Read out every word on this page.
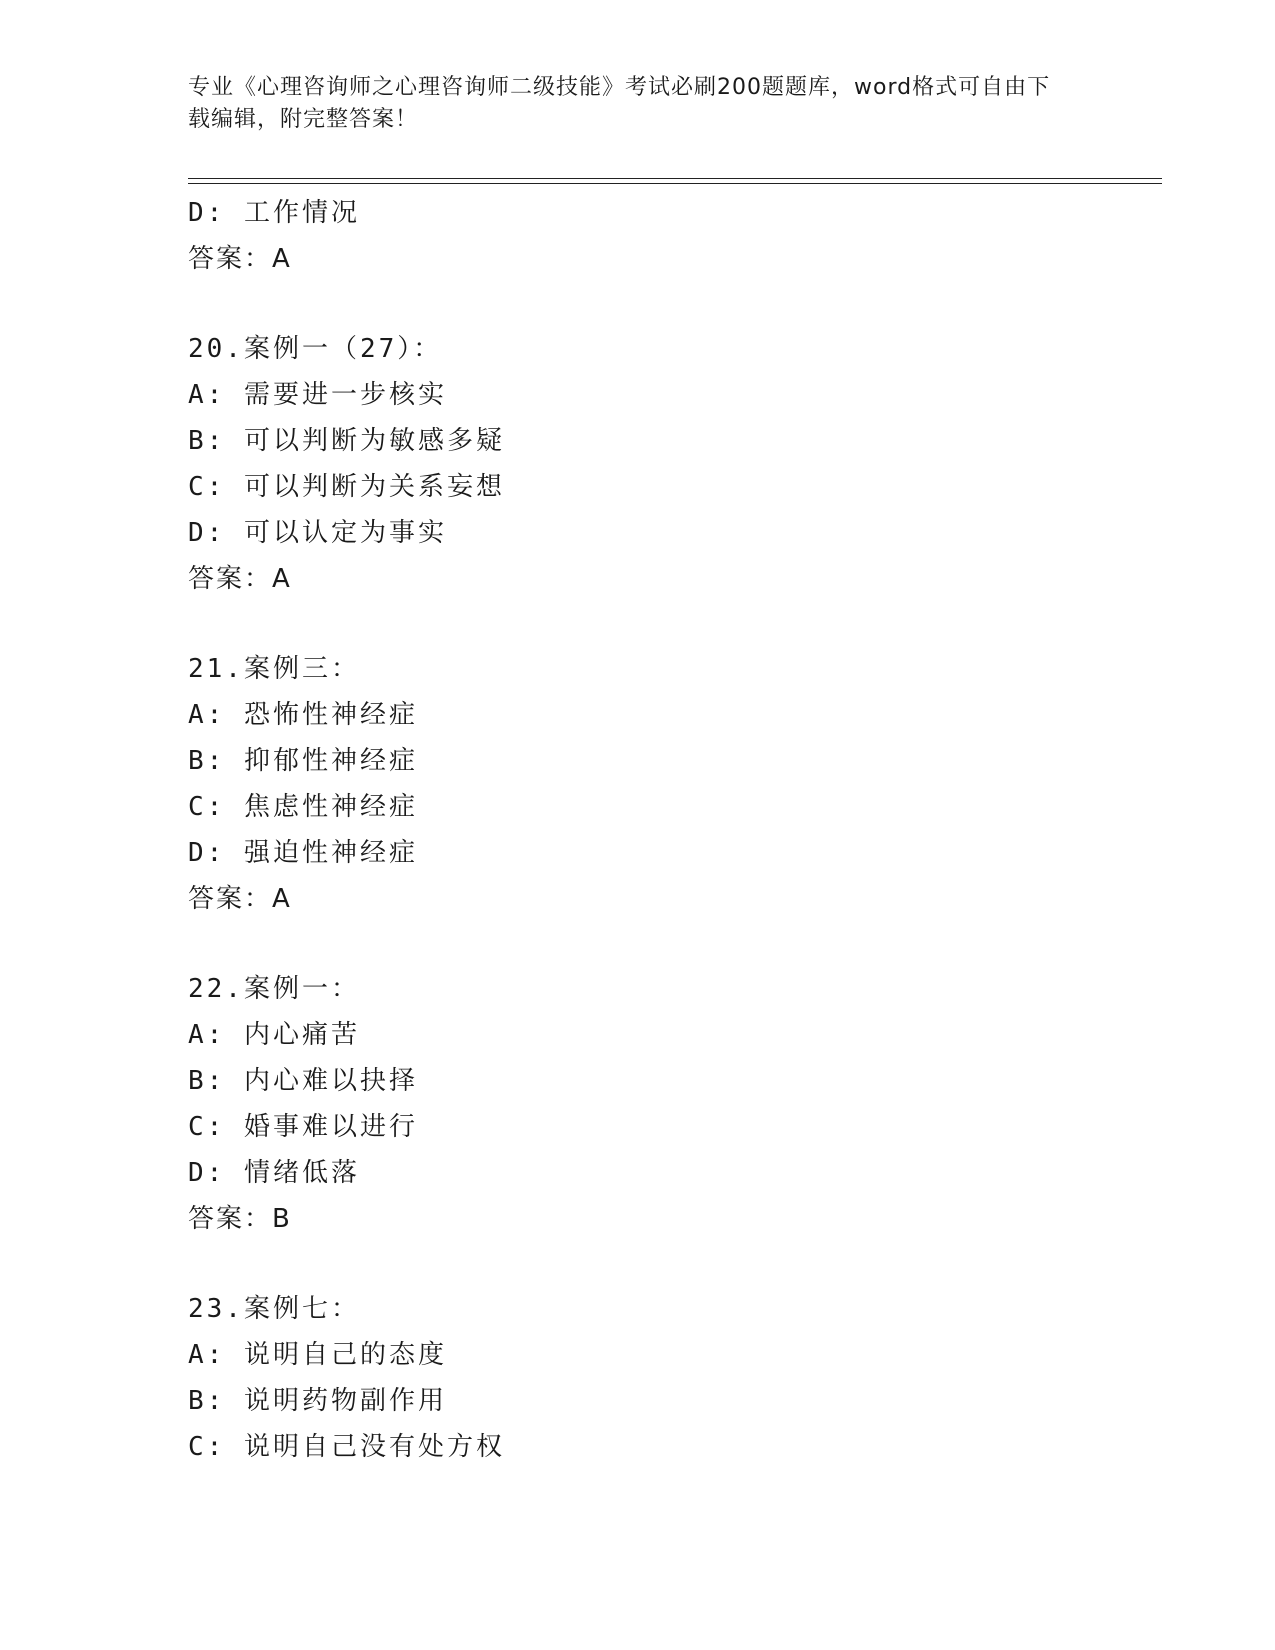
专业《心理咨询师之心理咨询师二级技能》考试必刷200题题库，word格式可自由下载编辑，附完整答案！
D: 工作情况
答案：A
20.案例一（27）：
A: 需要进一步核实
B: 可以判断为敏感多疑
C: 可以判断为关系妄想
D: 可以认定为事实
答案：A
21.案例三：
A: 恐怖性神经症
B: 抑郁性神经症
C: 焦虑性神经症
D: 强迫性神经症
答案：A
22.案例一：
A: 内心痛苦
B: 内心难以抉择
C: 婚事难以进行
D: 情绪低落
答案：B
23.案例七：
A: 说明自己的态度
B: 说明药物副作用
C: 说明自己没有处方权
